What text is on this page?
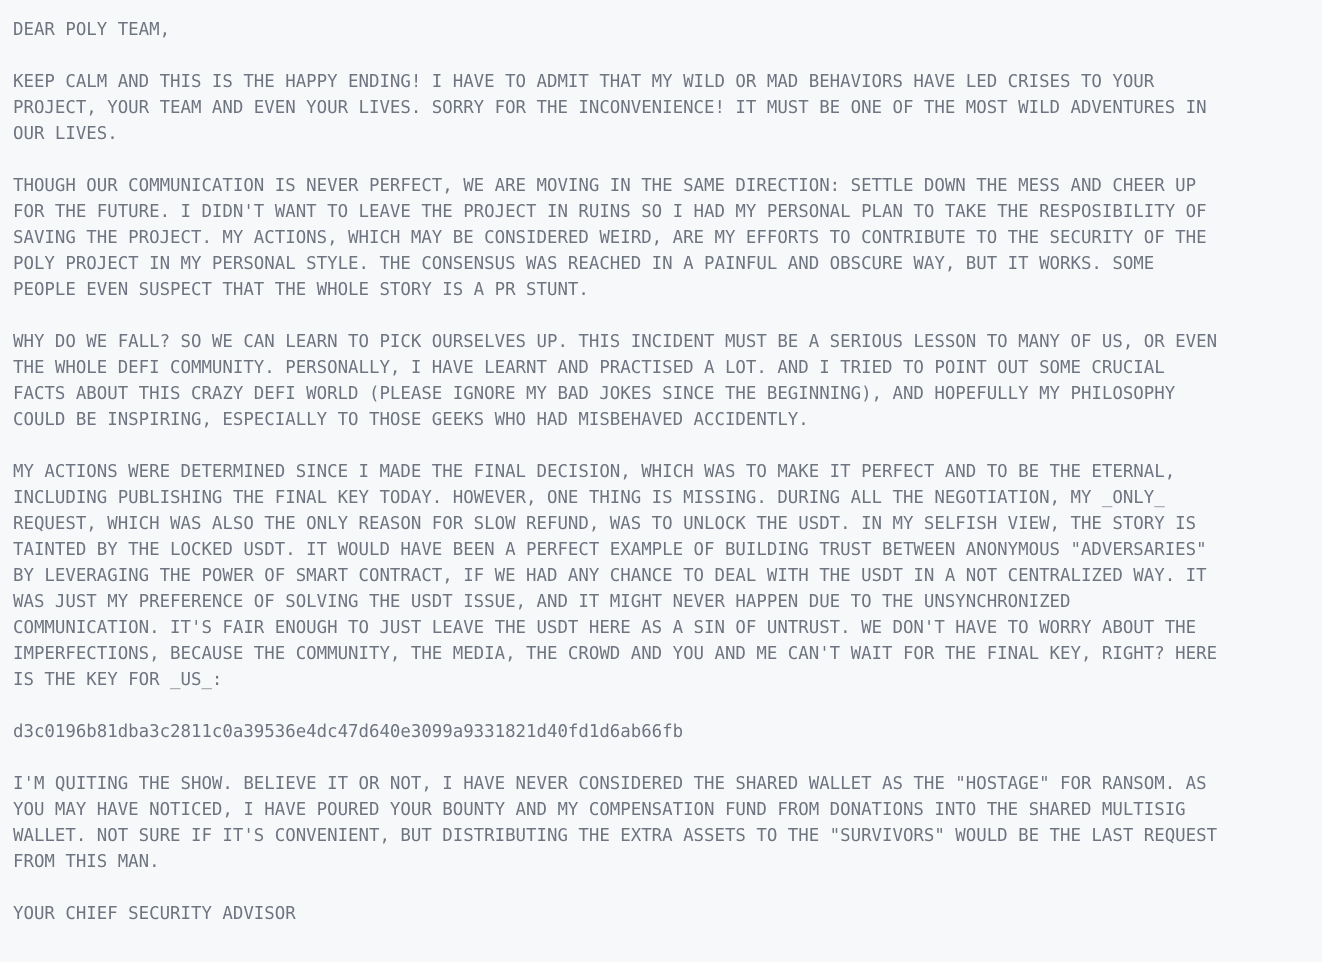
DEAR POLY TEAM,
KEEP CALM AND THIS IS THE HAPPY ENDING! I HAVE TO ADMIT THAT MY WILD OR MAD BEHAVIORS HAVE LED CRISES TO YOUR
PROJECT, YOUR TEAM AND EVEN YOUR LIVES. SORRY FOR THE INCONVENIENCE! IT MUST BE ONE OF THE MOST WILD ADVENTURES IN
OUR LIVES.
THOUGH OUR COMMUNICATION IS NEVER PERFECT, WE ARE MOVING IN THE SAME DIRECTION: SETTLE DOWN THE MESS AND CHEER UP
FOR THE FUTURE. I DIDN'T WANT TO LEAVE THE PROJECT IN RUINS SO I HAD MY PERSONAL PLAN TO TAKE THE RESPOSIBILITY OF
SAVING THE PROJECT. MY ACTIONS, WHICH MAY BE CONSIDERED WEIRD, ARE MY EFFORTS TO CONTRIBUTE TO THE SECURITY OF THE
POLY PROJECT IN MY PERSONAL STYLE. THE CONSENSUS WAS REACHED IN A PAINFUL AND OBSCURE WAY, BUT IT WORKS. SOME
PEOPLE EVEN SUSPECT THAT THE WHOLE STORY IS A PR STUNT.
WHY DO WE FALL? SO WE CAN LEARN TO PICK OURSELVES UP. THIS INCIDENT MUST BE A SERIOUS LESSON TO MANY OF US, OR EVEN
THE WHOLE DEFI COMMUNITY. PERSONALLY, I HAVE LEARNT AND PRACTISED A LOT. AND I TRIED TO POINT OUT SOME CRUCIAL
FACTS ABOUT THIS CRAZY DEFI WORLD (PLEASE IGNORE MY BAD JOKES SINCE THE BEGINNING), AND HOPEFULLY MY PHILOSOPHY
COULD BE INSPIRING, ESPECIALLY TO THOSE GEEKS WHO HAD MISBEHAVED ACCIDENTLY.
MY ACTIONS WERE DETERMINED SINCE I MADE THE FINAL DECISION, WHICH WAS TO MAKE IT PERFECT AND TO BE THE ETERNAL,
INCLUDING PUBLISHING THE FINAL KEY TODAY. HOWEVER, ONE THING IS MISSING. DURING ALL THE NEGOTIATION, MY _ONLY_
REQUEST, WHICH WAS ALSO THE ONLY REASON FOR SLOW REFUND, WAS TO UNLOCK THE USDT. IN MY SELFISH VIEW, THE STORY IS
TAINTED BY THE LOCKED USDT. IT WOULD HAVE BEEN A PERFECT EXAMPLE OF BUILDING TRUST BETWEEN ANONYMOUS "ADVERSARIES"
BY LEVERAGING THE POWER OF SMART CONTRACT, IF WE HAD ANY CHANCE TO DEAL WITH THE USDT IN A NOT CENTRALIZED WAY. IT
WAS JUST MY PREFERENCE OF SOLVING THE USDT ISSUE, AND IT MIGHT NEVER HAPPEN DUE TO THE UNSYNCHRONIZED
COMMUNICATION. IT'S FAIR ENOUGH TO JUST LEAVE THE USDT HERE AS A SIN OF UNTRUST. WE DON'T HAVE TO WORRY ABOUT THE
IMPERFECTIONS, BECAUSE THE COMMUNITY, THE MEDIA, THE CROWD AND YOU AND ME CAN'T WAIT FOR THE FINAL KEY, RIGHT? HERE
IS THE KEY FOR _US_:
d3c0196b81dba3c2811c0a39536e4dc47d640e3099a9331821d40fd1d6ab66fb
I'M QUITING THE SHOW. BELIEVE IT OR NOT, I HAVE NEVER CONSIDERED THE SHARED WALLET AS THE "HOSTAGE" FOR RANSOM. AS
YOU MAY HAVE NOTICED, I HAVE POURED YOUR BOUNTY AND MY COMPENSATION FUND FROM DONATIONS INTO THE SHARED MULTISIG
WALLET. NOT SURE IF IT'S CONVENIENT, BUT DISTRIBUTING THE EXTRA ASSETS TO THE "SURVIVORS" WOULD BE THE LAST REQUEST
FROM THIS MAN.
YOUR CHIEF SECURITY ADVISOR
